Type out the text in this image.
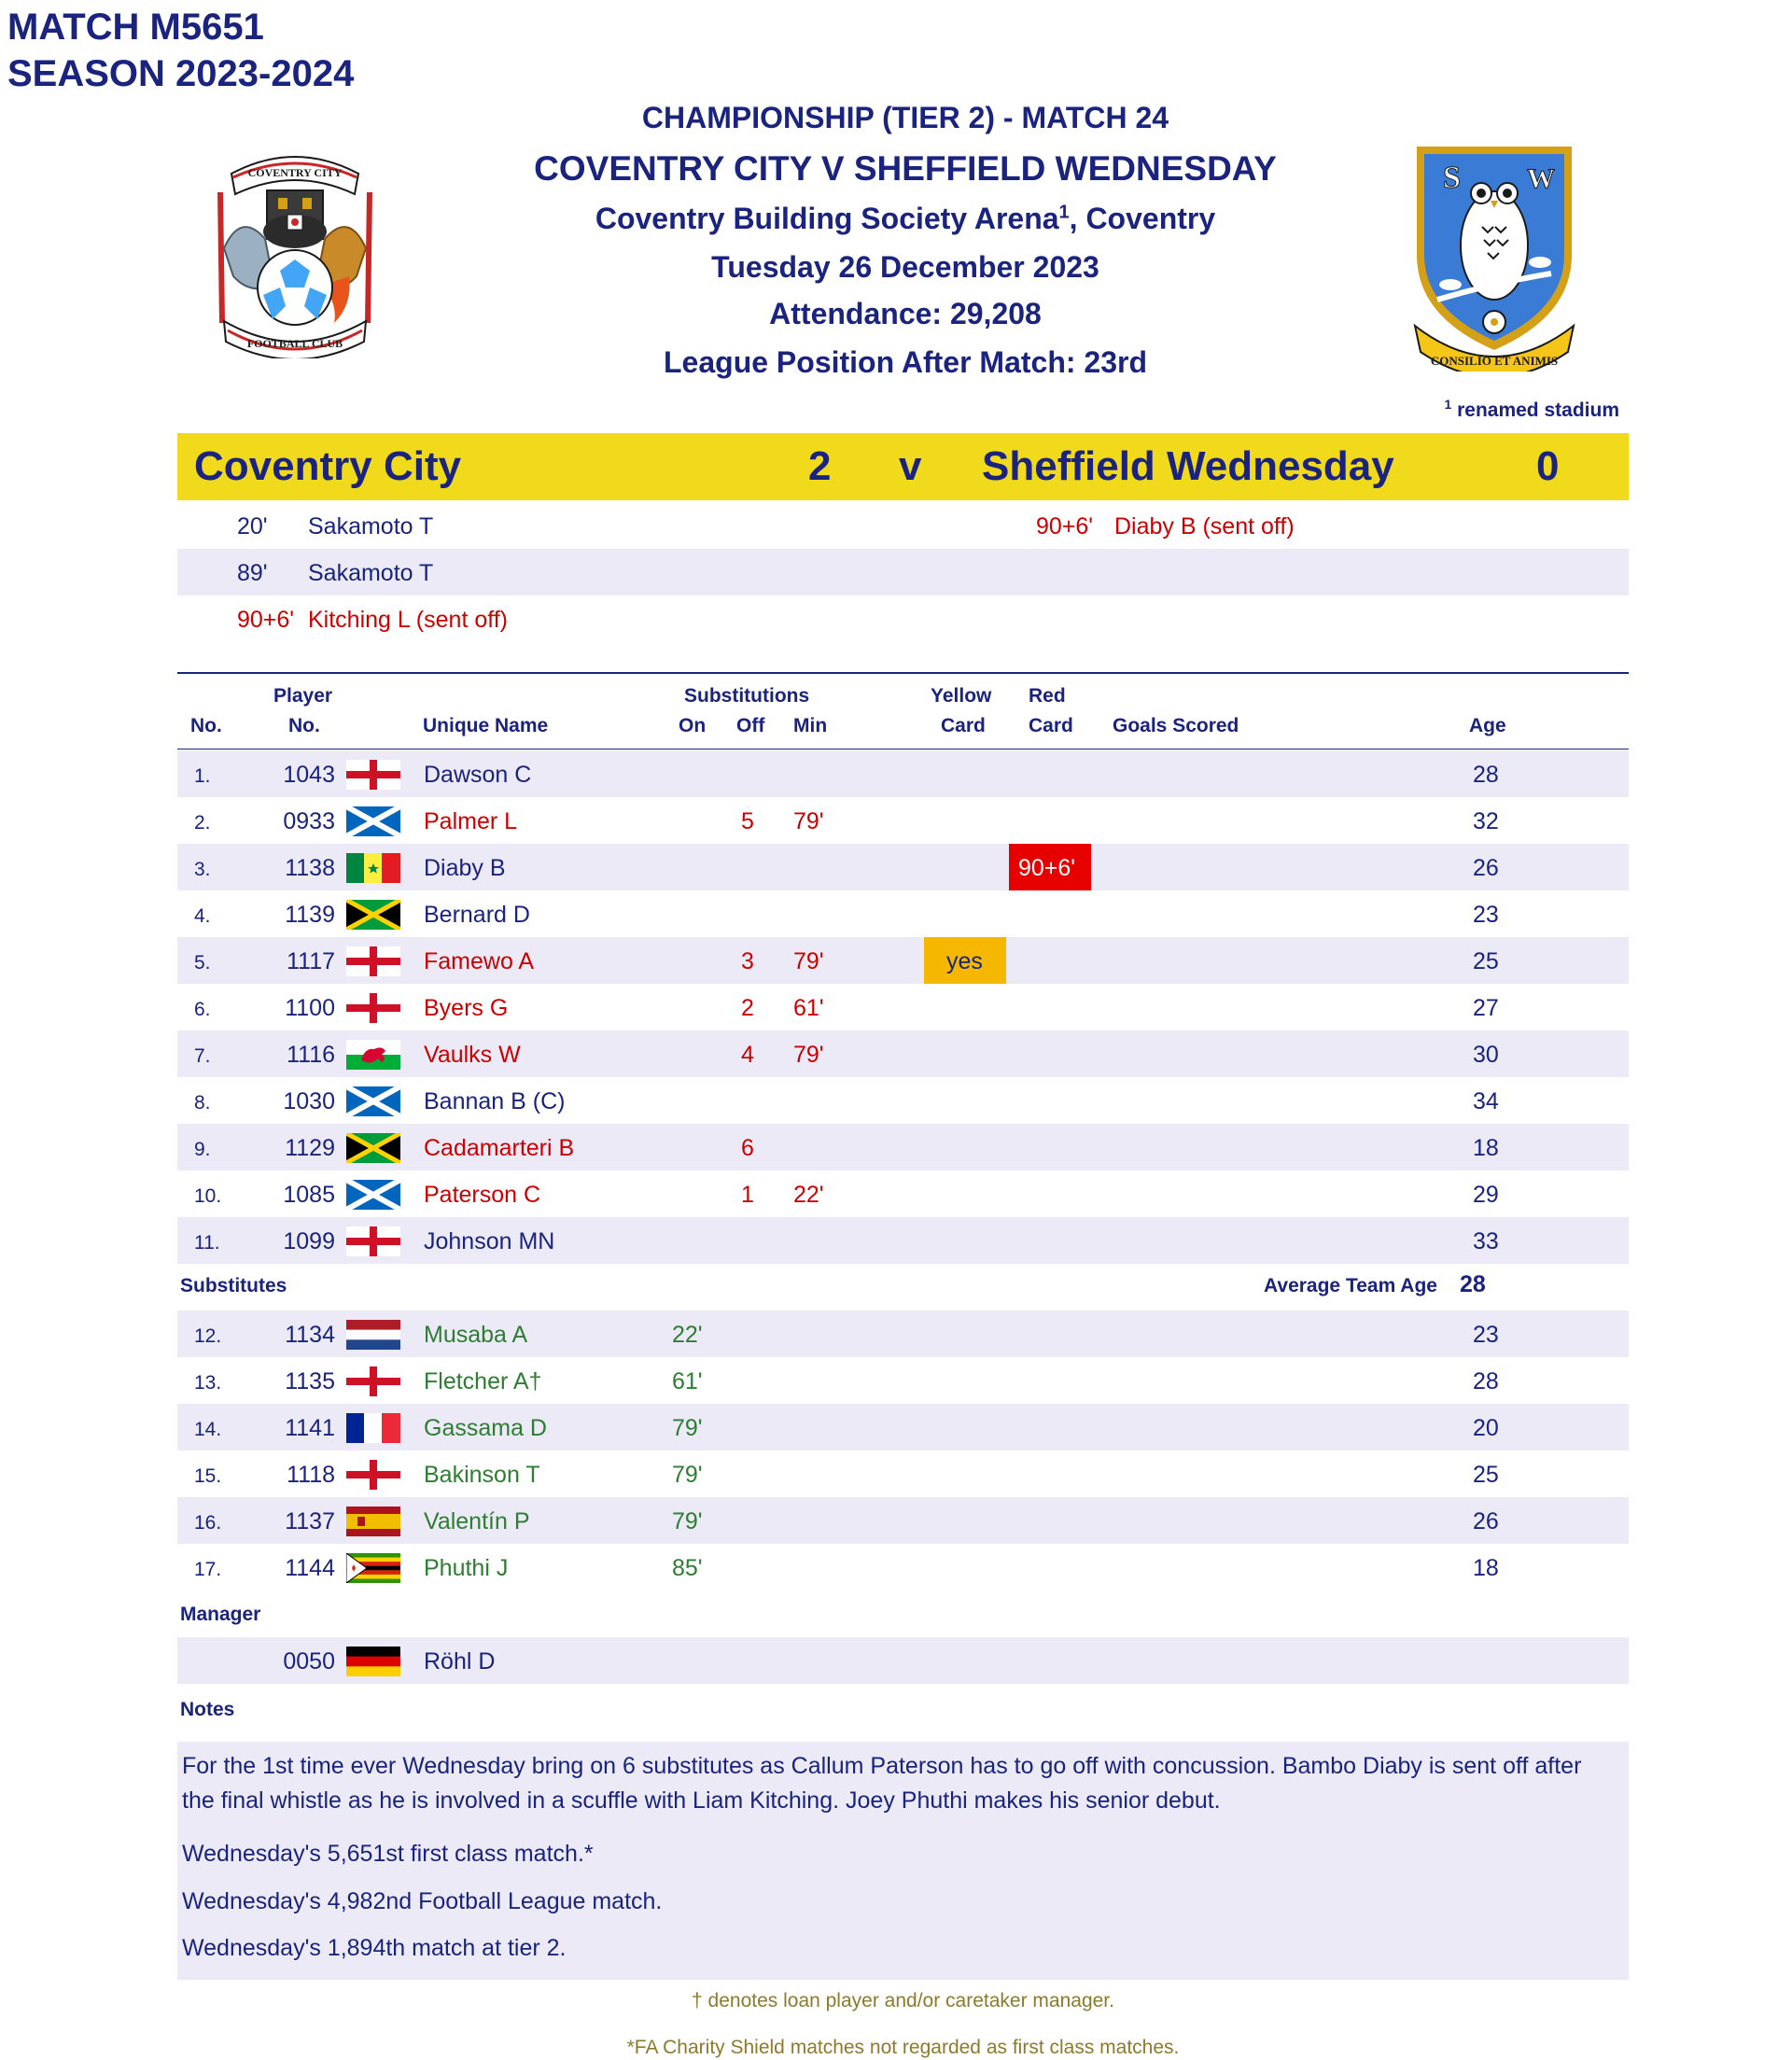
MATCH M5651
SEASON 2023-2024
CHAMPIONSHIP (TIER 2) - MATCH 24
COVENTRY CITY V SHEFFIELD WEDNESDAY
Coventry Building Society Arena$^1$, Coventry
Tuesday 26 December 2023
Attendance: 29,208
League Position After Match: 23rd
$^1$ renamed stadium
COVENTRY CITY
FOOTBALL CLUB
S W
CONSILIO ET ANIMIS
Coventry City	2 v Sheffield Wednesday	0
20' Sakamoto T	90+6' Diaby B (sent off)
89' Sakamoto T
90+6' Kitching L (sent off)
Player
No.	No.	Unique Name
Substitutions
On Off Min
Yellow
Card
Red
Card Goals Scored	Age
1.	1043	Dawson C	28
2.	0933	Palmer L	5 79'	32
3.	1138	Diaby B	90+6'	26
4.	1139	Bernard D	23
5.	1117	Famewo A	3 79'	yes	25
6.	1100	Byers G	2 61'	27
7.	1116	Vaulks W	4 79'	30
8.	1030	Bannan B (C)	34
9.	1129	Cadamarteri B	6	18
10.	1085	Paterson C	1 22'	29
11.	1099	Johnson MN	33
Substitutes	Average Team Age 28
12.	1134	Musaba A	22'	23
13.	1135	Fletcher A†	61'	28
14.	1141	Gassama D	79'	20
15.	1118	Bakinson T	79'	25
16.	1137	Valentín P	79'	26
17.	1144	Phuthi J	85'	18
Manager
0050	Röhl D
Notes
For the 1st time ever Wednesday bring on 6 substitutes as Callum Paterson has to go off with concussion. Bambo Diaby is sent off after
the final whistle as he is involved in a scuffle with Liam Kitching. Joey Phuthi makes his senior debut.
Wednesday's 5,651st first class match.*
Wednesday's 4,982nd Football League match.
Wednesday's 1,894th match at tier 2.
† denotes loan player and/or caretaker manager.
*FA Charity Shield matches not regarded as first class matches.
